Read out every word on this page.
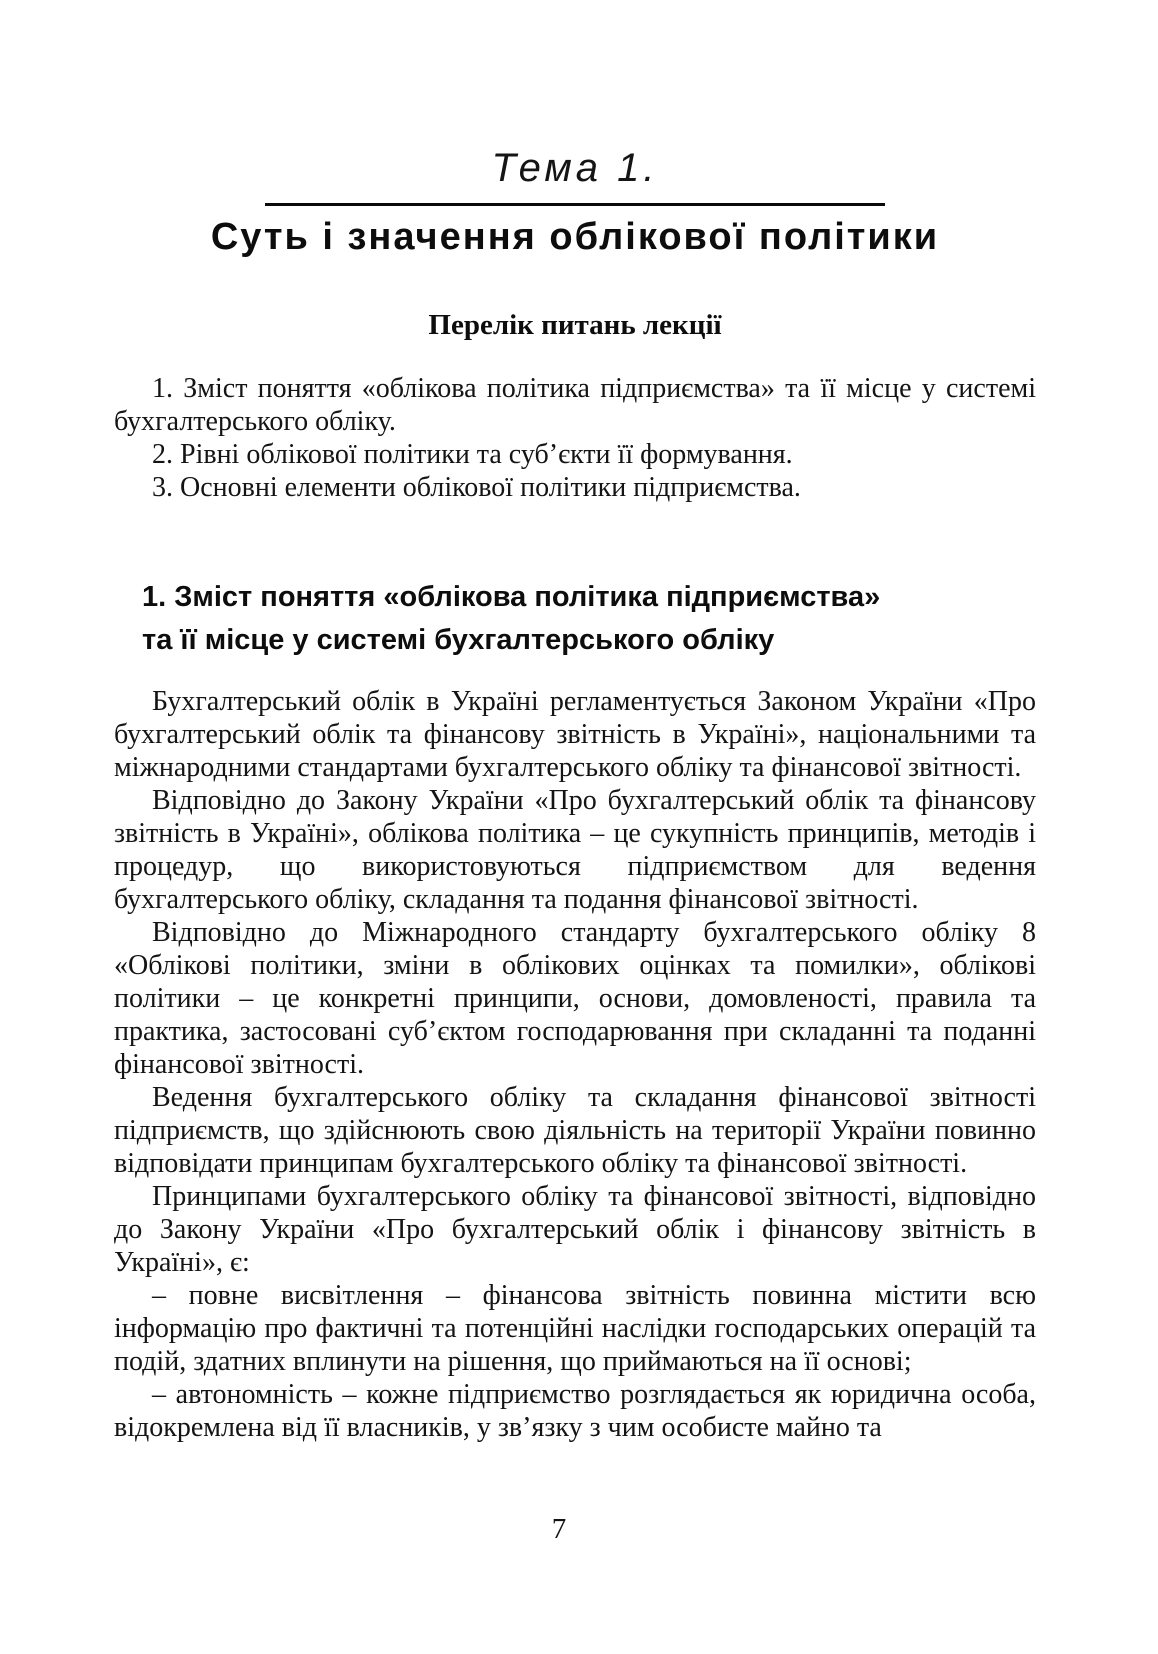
Тема 1.
Суть і значення облікової політики
Перелік питань лекції

1. Зміст поняття «облікова політика підприємства» та її місце у системі бухгалтерського обліку.

2. Рівні облікової політики та суб’єкти її формування.

3. Основні елементи облікової політики підприємства.

1. Зміст поняття «облікова політика підприємства»
та її місце у системі бухгалтерського обліку

Бухгалтерський облік в Україні регламентується Законом України «Про бухгалтерський облік та фінансову звітність в Україні», національними та міжнародними стандартами бухгалтерського обліку та фінансової звітності.

Відповідно до Закону України «Про бухгалтерський облік та фінансову звітність в Україні», облікова політика – це сукупність принципів, методів і процедур, що використовуються підприємством для ведення бухгалтерського обліку, складання та подання фінансової звітності.

Відповідно до Міжнародного стандарту бухгалтерського обліку 8 «Облікові політики, зміни в облікових оцінках та помилки», облікові політики – це конкретні принципи, основи, домовленості, правила та практика, застосовані суб’єктом господарювання при складанні та поданні фінансової звітності.

Ведення бухгалтерського обліку та складання фінансової звітності підприємств, що здійснюють свою діяльність на території України повинно відповідати принципам бухгалтерського обліку та фінансової звітності.

Принципами бухгалтерського обліку та фінансової звітності, відповідно до Закону України «Про бухгалтерський облік і фінансову звітність в Україні», є:

– повне висвітлення – фінансова звітність повинна містити всю інформацію про фактичні та потенційні наслідки господарських операцій та подій, здатних вплинути на рішення, що приймаються на її основі;

– автономність – кожне підприємство розглядається як юридична особа, відокремлена від її власників, у зв’язку з чим особисте майно та

7
